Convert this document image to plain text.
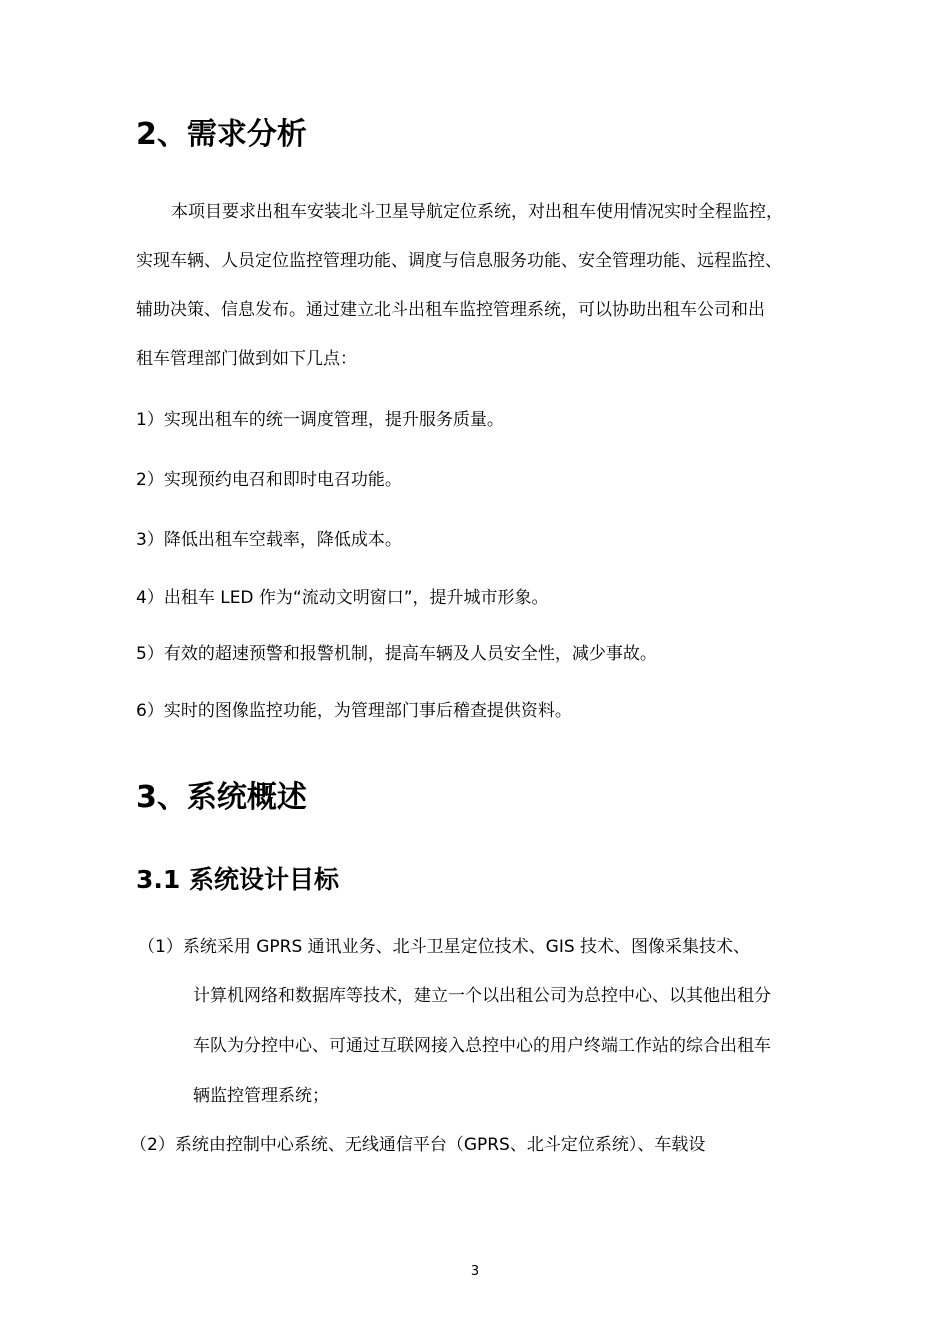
2、需求分析
本项目要求出租车安装北斗卫星导航定位系统，对出租车使用情况实时全程监控，
实现车辆、人员定位监控管理功能、调度与信息服务功能、安全管理功能、远程监控、
辅助决策、信息发布。通过建立北斗出租车监控管理系统，可以协助出租车公司和出
租车管理部门做到如下几点：
1）实现出租车的统一调度管理，提升服务质量。
2）实现预约电召和即时电召功能。
3）降低出租车空载率，降低成本。
4）出租车 LED 作为“流动文明窗口”，提升城市形象。
5）有效的超速预警和报警机制，提高车辆及人员安全性，减少事故。
6）实时的图像监控功能，为管理部门事后稽查提供资料。
3、系统概述
3.1 系统设计目标
（1）系统采用 GPRS 通讯业务、北斗卫星定位技术、GIS 技术、图像采集技术、
计算机网络和数据库等技术，建立一个以出租公司为总控中心、以其他出租分
车队为分控中心、可通过互联网接入总控中心的用户终端工作站的综合出租车
辆监控管理系统；
（2）系统由控制中心系统、无线通信平台（GPRS、北斗定位系统）、车载设
3
